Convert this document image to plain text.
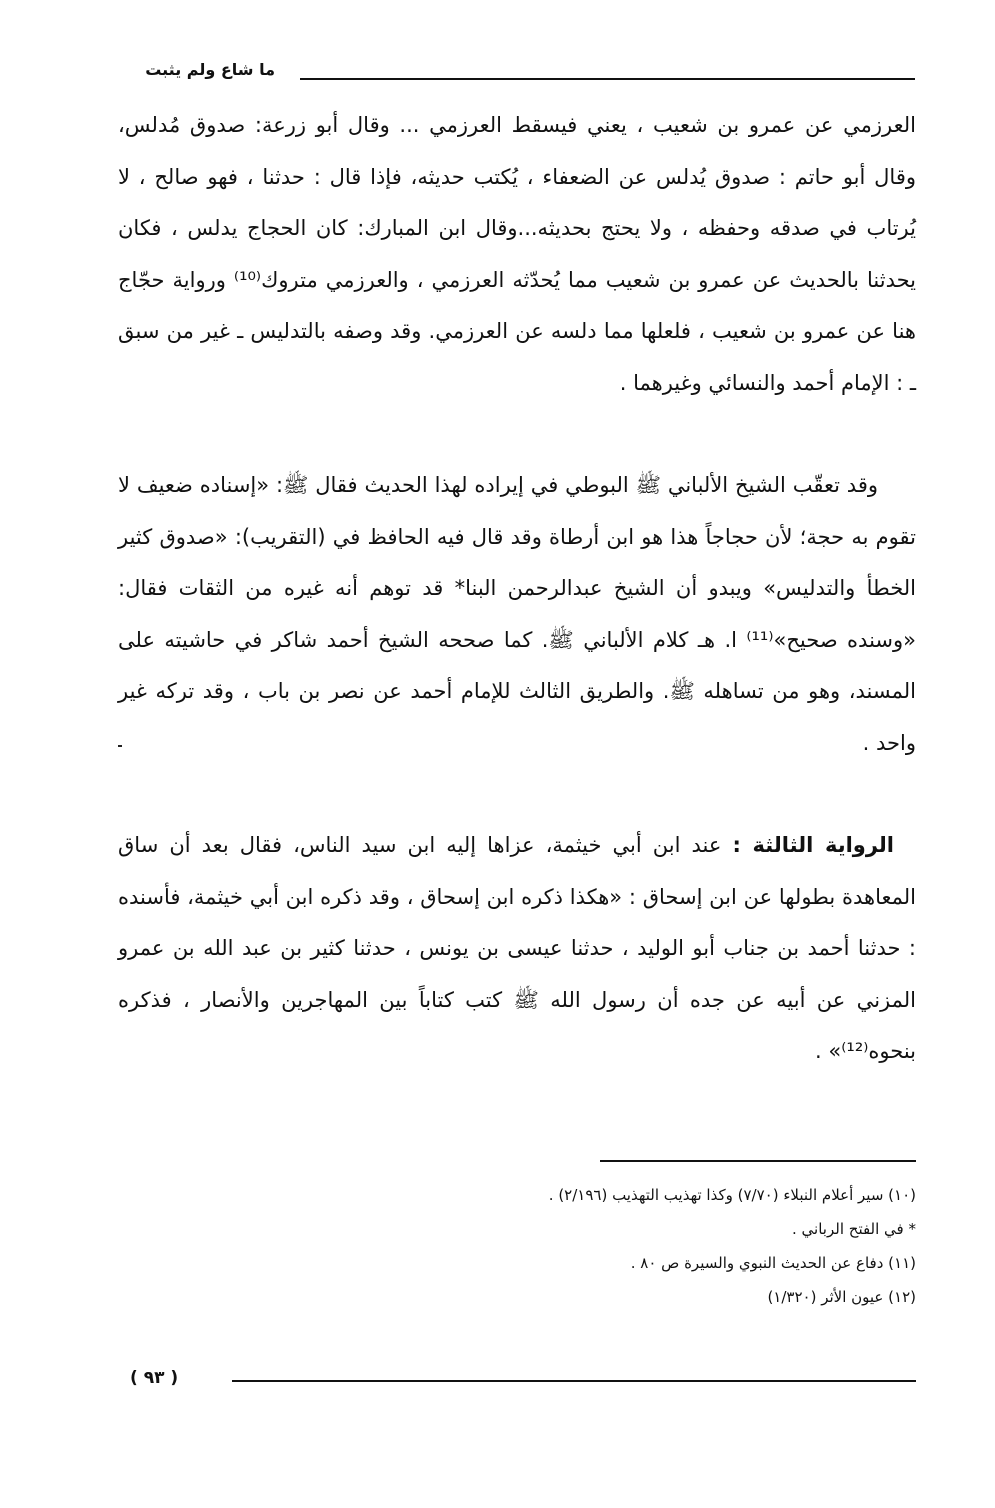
ما شاع ولم يثبت

العرزمي عن عمرو بن شعيب ، يعني فيسقط العرزمي ... وقال أبو زرعة: صدوق مُدلس، وقال أبو حاتم : صدوق يُدلس عن الضعفاء ، يُكتب حديثه، فإذا قال : حدثنا ، فهو صالح ، لا يُرتاب في صدقه وحفظه ، ولا يحتج بحديثه...وقال ابن المبارك: كان الحجاج يدلس ، فكان يحدثنا بالحديث عن عمرو بن شعيب مما يُحدّثه العرزمي ، والعرزمي متروك⁽¹⁰⁾ ورواية حجّاج هنا عن عمرو بن شعيب ، فلعلها مما دلسه عن العرزمي. وقد وصفه بالتدليس ـ غير من سبق ـ : الإمام أحمد والنسائي وغيرهما .

وقد تعقّب الشيخ الألباني ﷺ البوطي في إيراده لهذا الحديث فقال ﷺ: «إسناده ضعيف لا تقوم به حجة؛ لأن حجاجاً هذا هو ابن أرطاة وقد قال فيه الحافظ في (التقريب): «صدوق كثير الخطأ والتدليس» ويبدو أن الشيخ عبدالرحمن البنا* قد توهم أنه غيره من الثقات فقال: «وسنده صحيح»⁽¹¹⁾ ا. هـ كلام الألباني ﷺ. كما صححه الشيخ أحمد شاكر في حاشيته على المسند، وهو من تساهله ﷺ. والطريق الثالث للإمام أحمد عن نصر بن باب ، وقد تركه غير واحد .

الرواية الثالثة : عند ابن أبي خيثمة، عزاها إليه ابن سيد الناس، فقال بعد أن ساق المعاهدة بطولها عن ابن إسحاق : «هكذا ذكره ابن إسحاق ، وقد ذكره ابن أبي خيثمة، فأسنده : حدثنا أحمد بن جناب أبو الوليد ، حدثنا عيسى بن يونس ، حدثنا كثير بن عبد الله بن عمرو المزني عن أبيه عن جده أن رسول الله ﷺ كتب كتاباً بين المهاجرين والأنصار ، فذكره بنحوه⁽¹²⁾» .

(١٠) سير أعلام النبلاء (٧/٧٠) وكذا تهذيب التهذيب (٢/١٩٦) .
* في الفتح الرباني .
(١١) دفاع عن الحديث النبوي والسيرة ص ٨٠ .
(١٢) عيون الأثر (١/٣٢٠)
( ٩٣ )
